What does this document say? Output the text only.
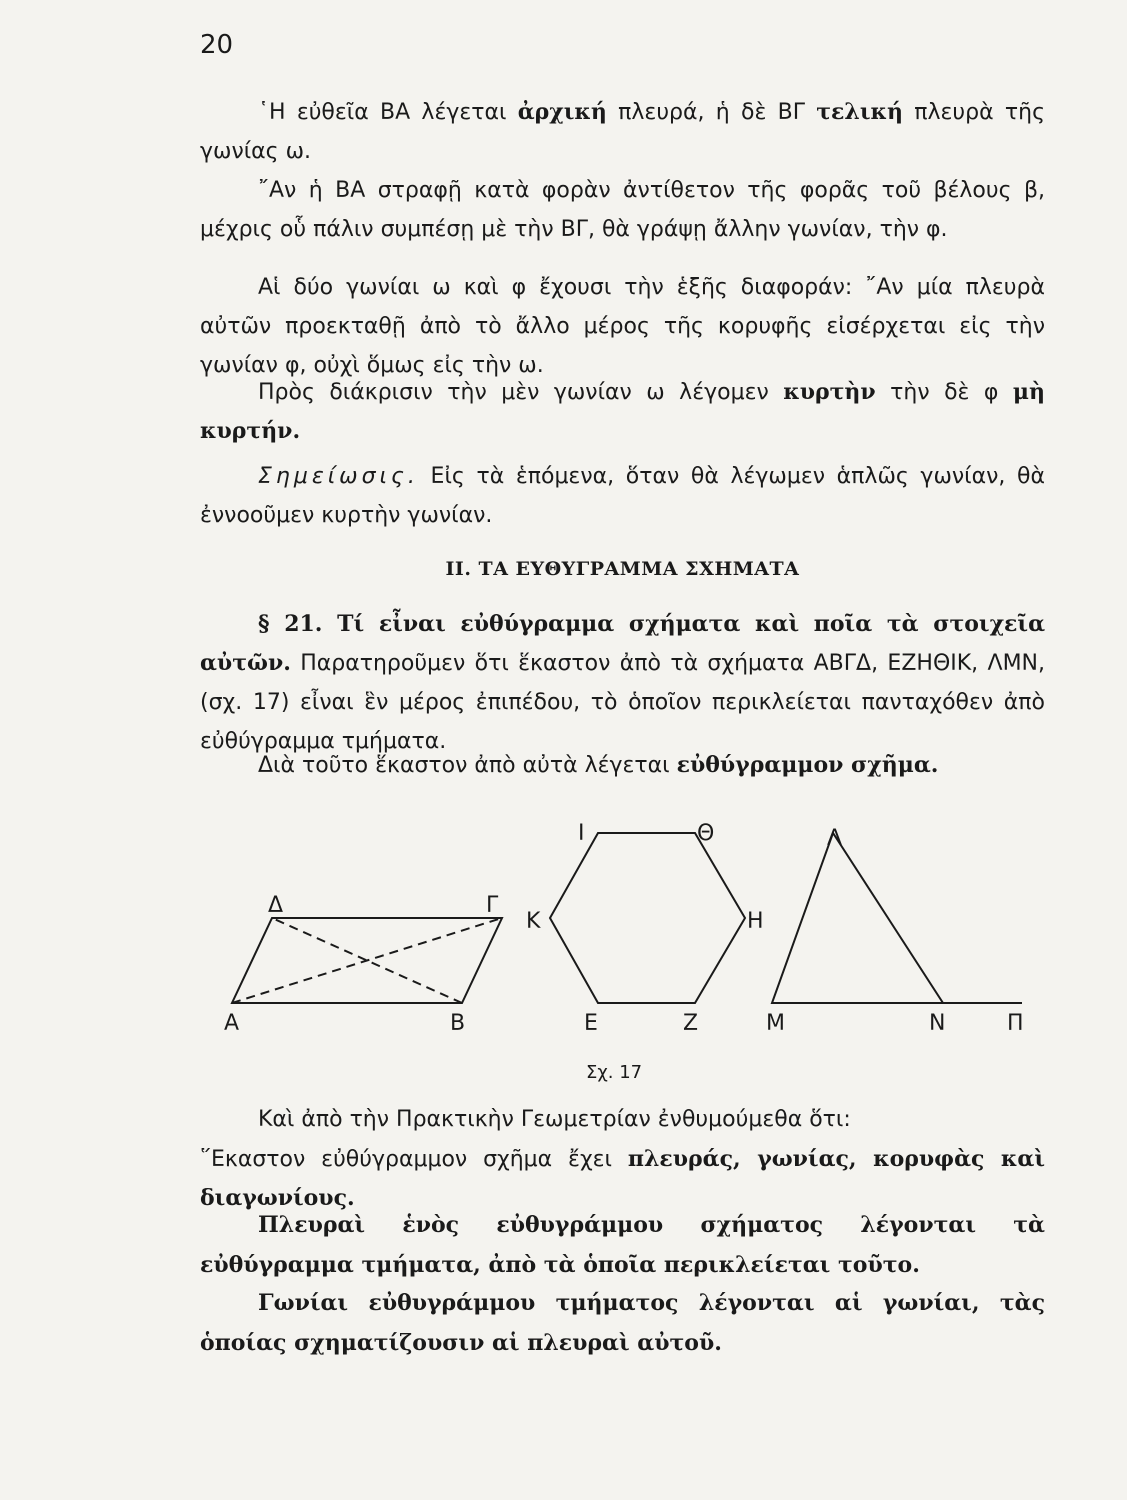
20

῾Η εὐθεῖα ΒΑ λέγεται ἀρχική πλευρά, ἡ δὲ ΒΓ τελική πλευρὰ τῆς γωνίας ω.

῎Αν ἡ ΒΑ στραφῇ κατὰ φορὰν ἀντίθετον τῆς φορᾶς τοῦ βέλους β, μέχρις οὗ πάλιν συμπέσῃ μὲ τὴν ΒΓ, θὰ γράψῃ ἄλλην γωνίαν, τὴν φ.

Αἱ δύο γωνίαι ω καὶ φ ἔχουσι τὴν ἑξῆς διαφοράν: ῎Αν μία πλευρὰ αὐτῶν προεκταθῇ ἀπὸ τὸ ἄλλο μέρος τῆς κορυφῆς εἰσέρχεται εἰς τὴν γωνίαν φ, οὐχὶ ὅμως εἰς τὴν ω.

Πρὸς διάκρισιν τὴν μὲν γωνίαν ω λέγομεν κυρτὴν τὴν δὲ φ μὴ κυρτήν.

Σημείωσις. Εἰς τὰ ἑπόμενα, ὅταν θὰ λέγωμεν ἁπλῶς γωνίαν, θὰ ἐννοοῦμεν κυρτὴν γωνίαν.

II. ΤΑ ΕΥΘΥΓΡΑΜΜΑ ΣΧΗΜΑΤΑ

§ 21. Τί εἶναι εὐθύγραμμα σχήματα καὶ ποῖα τὰ στοιχεῖα αὐτῶν. Παρατηροῦμεν ὅτι ἕκαστον ἀπὸ τὰ σχήματα ΑΒΓΔ, ΕΖΗΘΙΚ, ΛΜΝ, (σχ. 17) εἶναι ἓν μέρος ἐπιπέδου, τὸ ὁποῖον περικλείεται πανταχόθεν ἀπὸ εὐθύγραμμα τμήματα.

Διὰ τοῦτο ἕκαστον ἀπὸ αὐτὰ λέγεται εὐθύγραμμον σχῆμα.

Α	Β
Γ
Δ
Ε	Ζ
Η
Θ
Ι
Κ
Λ
Μ	Ν	Π
Σχ. 17

Καὶ ἀπὸ τὴν Πρακτικὴν Γεωμετρίαν ἐνθυμούμεθα ὅτι:

῞Εκαστον εὐθύγραμμον σχῆμα ἔχει πλευράς, γωνίας, κορυφὰς καὶ διαγωνίους.

Πλευραὶ ἑνὸς εὐθυγράμμου σχήματος λέγονται τὰ εὐθύγραμμα τμήματα, ἀπὸ τὰ ὁποῖα περικλείεται τοῦτο.

Γωνίαι εὐθυγράμμου τμήματος λέγονται αἱ γωνίαι, τὰς ὁποίας σχηματίζουσιν αἱ πλευραὶ αὐτοῦ.
